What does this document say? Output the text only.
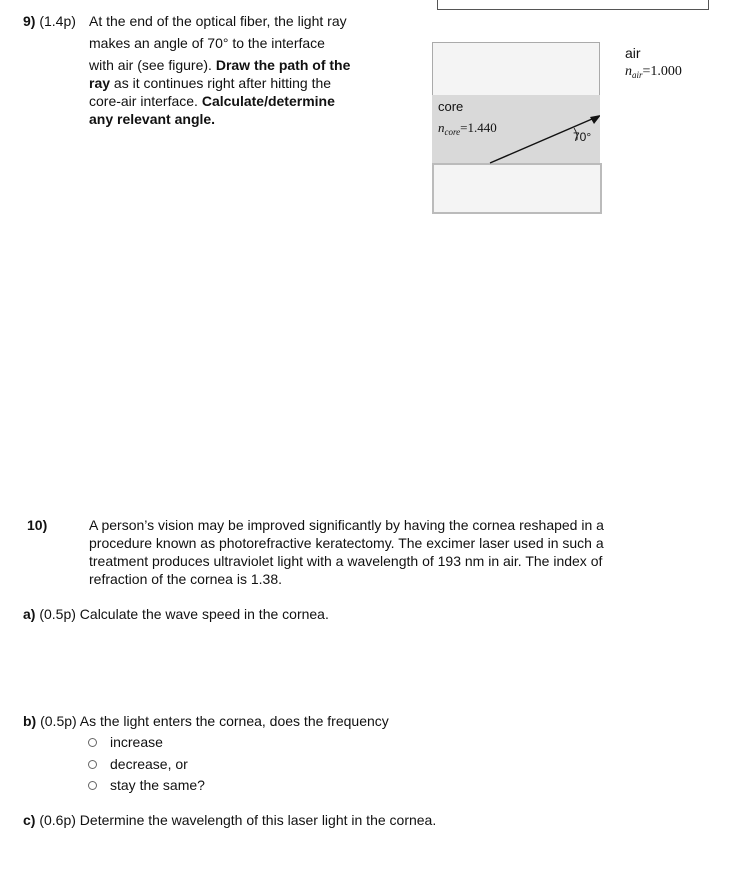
9) (1.4p) At the end of the optical fiber, the light ray
makes an angle of 70° to the interface
with air (see figure). Draw the path of the
ray as it continues right after hitting the
core-air interface. Calculate/determine
any relevant angle.
core
$n_{core}=1.440$
70°
air
$n_{air}=1.000$
10)	A person’s vision may be improved significantly by having the cornea reshaped in a
procedure known as photorefractive keratectomy. The excimer laser used in such a
treatment produces ultraviolet light with a wavelength of 193 nm in air. The index of
refraction of the cornea is 1.38.
a) (0.5p) Calculate the wave speed in the cornea.
b) (0.5p) As the light enters the cornea, does the frequency
increase
decrease, or
stay the same?
c) (0.6p) Determine the wavelength of this laser light in the cornea.
